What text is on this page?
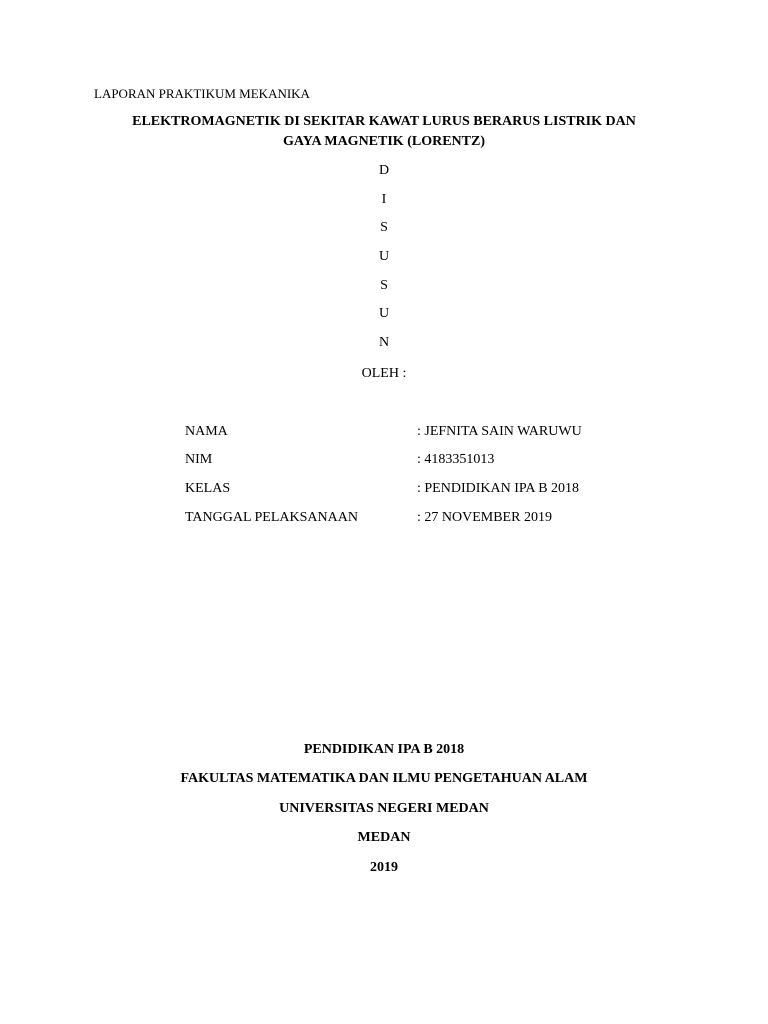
LAPORAN PRAKTIKUM MEKANIKA
ELEKTROMAGNETIK DI SEKITAR KAWAT LURUS BERARUS LISTRIK DAN
GAYA MAGNETIK (LORENTZ)
D
I
S
U
S
U
N
OLEH :
NAMA	: JEFNITA SAIN WARUWU
NIM	: 4183351013
KELAS	: PENDIDIKAN IPA B 2018
TANGGAL PELAKSANAAN	: 27 NOVEMBER 2019
PENDIDIKAN IPA B 2018
FAKULTAS MATEMATIKA DAN ILMU PENGETAHUAN ALAM
UNIVERSITAS NEGERI MEDAN
MEDAN
2019
